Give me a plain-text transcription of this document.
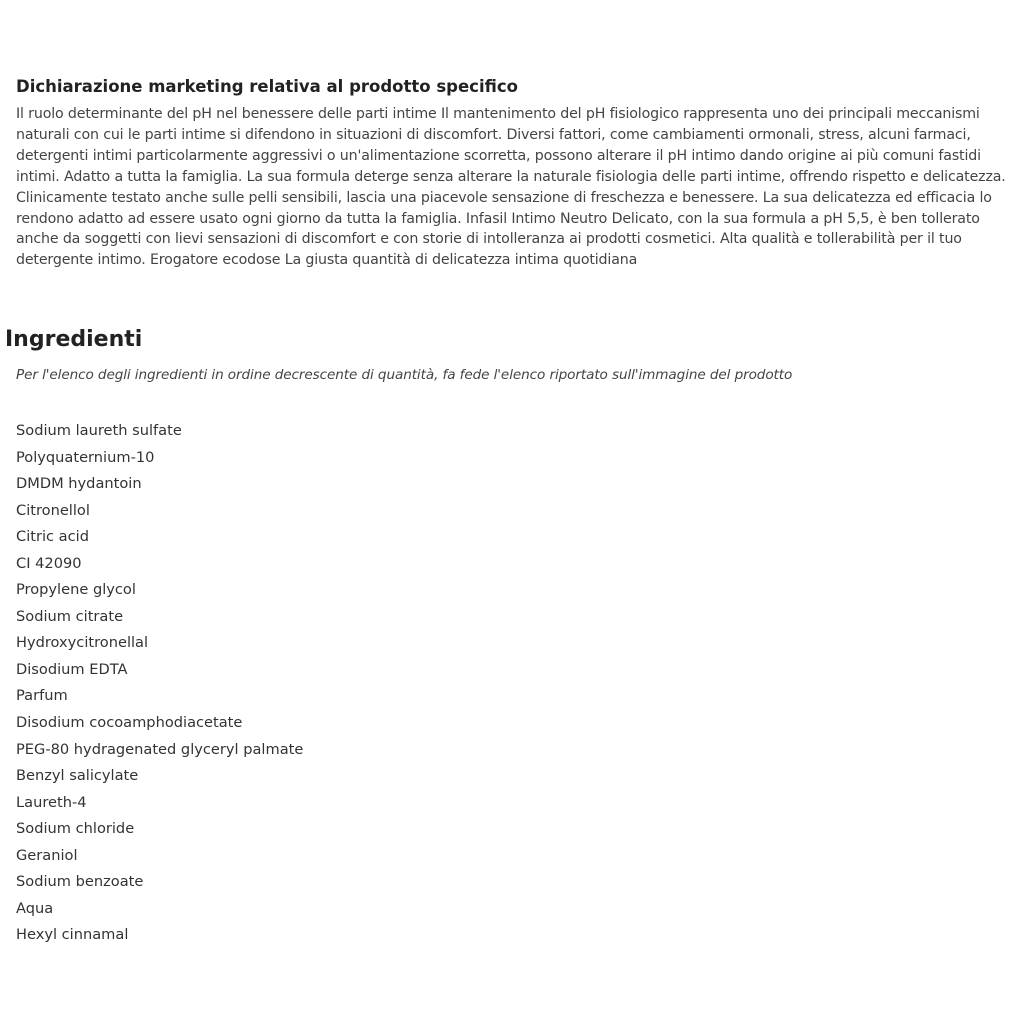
Dichiarazione marketing relativa al prodotto specifico

Il ruolo determinante del pH nel benessere delle parti intime Il mantenimento del pH fisiologico rappresenta uno dei principali meccanismi naturali con cui le parti intime si difendono in situazioni di discomfort. Diversi fattori, come cambiamenti ormonali, stress, alcuni farmaci, detergenti intimi particolarmente aggressivi o un'alimentazione scorretta, possono alterare il pH intimo dando origine ai più comuni fastidi intimi. Adatto a tutta la famiglia. La sua formula deterge senza alterare la naturale fisiologia delle parti intime, offrendo rispetto e delicatezza. Clinicamente testato anche sulle pelli sensibili, lascia una piacevole sensazione di freschezza e benessere. La sua delicatezza ed efficacia lo rendono adatto ad essere usato ogni giorno da tutta la famiglia. Infasil Intimo Neutro Delicato, con la sua formula a pH 5,5, è ben tollerato anche da soggetti con lievi sensazioni di discomfort e con storie di intolleranza ai prodotti cosmetici. Alta qualità e tollerabilità per il tuo detergente intimo. Erogatore ecodose La giusta quantità di delicatezza intima quotidiana

Ingredienti

Per l'elenco degli ingredienti in ordine decrescente di quantità, fa fede l'elenco riportato sull'immagine del prodotto

Sodium laureth sulfate
Polyquaternium-10
DMDM hydantoin
Citronellol
Citric acid
CI 42090
Propylene glycol
Sodium citrate
Hydroxycitronellal
Disodium EDTA
Parfum
Disodium cocoamphodiacetate
PEG-80 hydragenated glyceryl palmate
Benzyl salicylate
Laureth-4
Sodium chloride
Geraniol
Sodium benzoate
Aqua
Hexyl cinnamal
